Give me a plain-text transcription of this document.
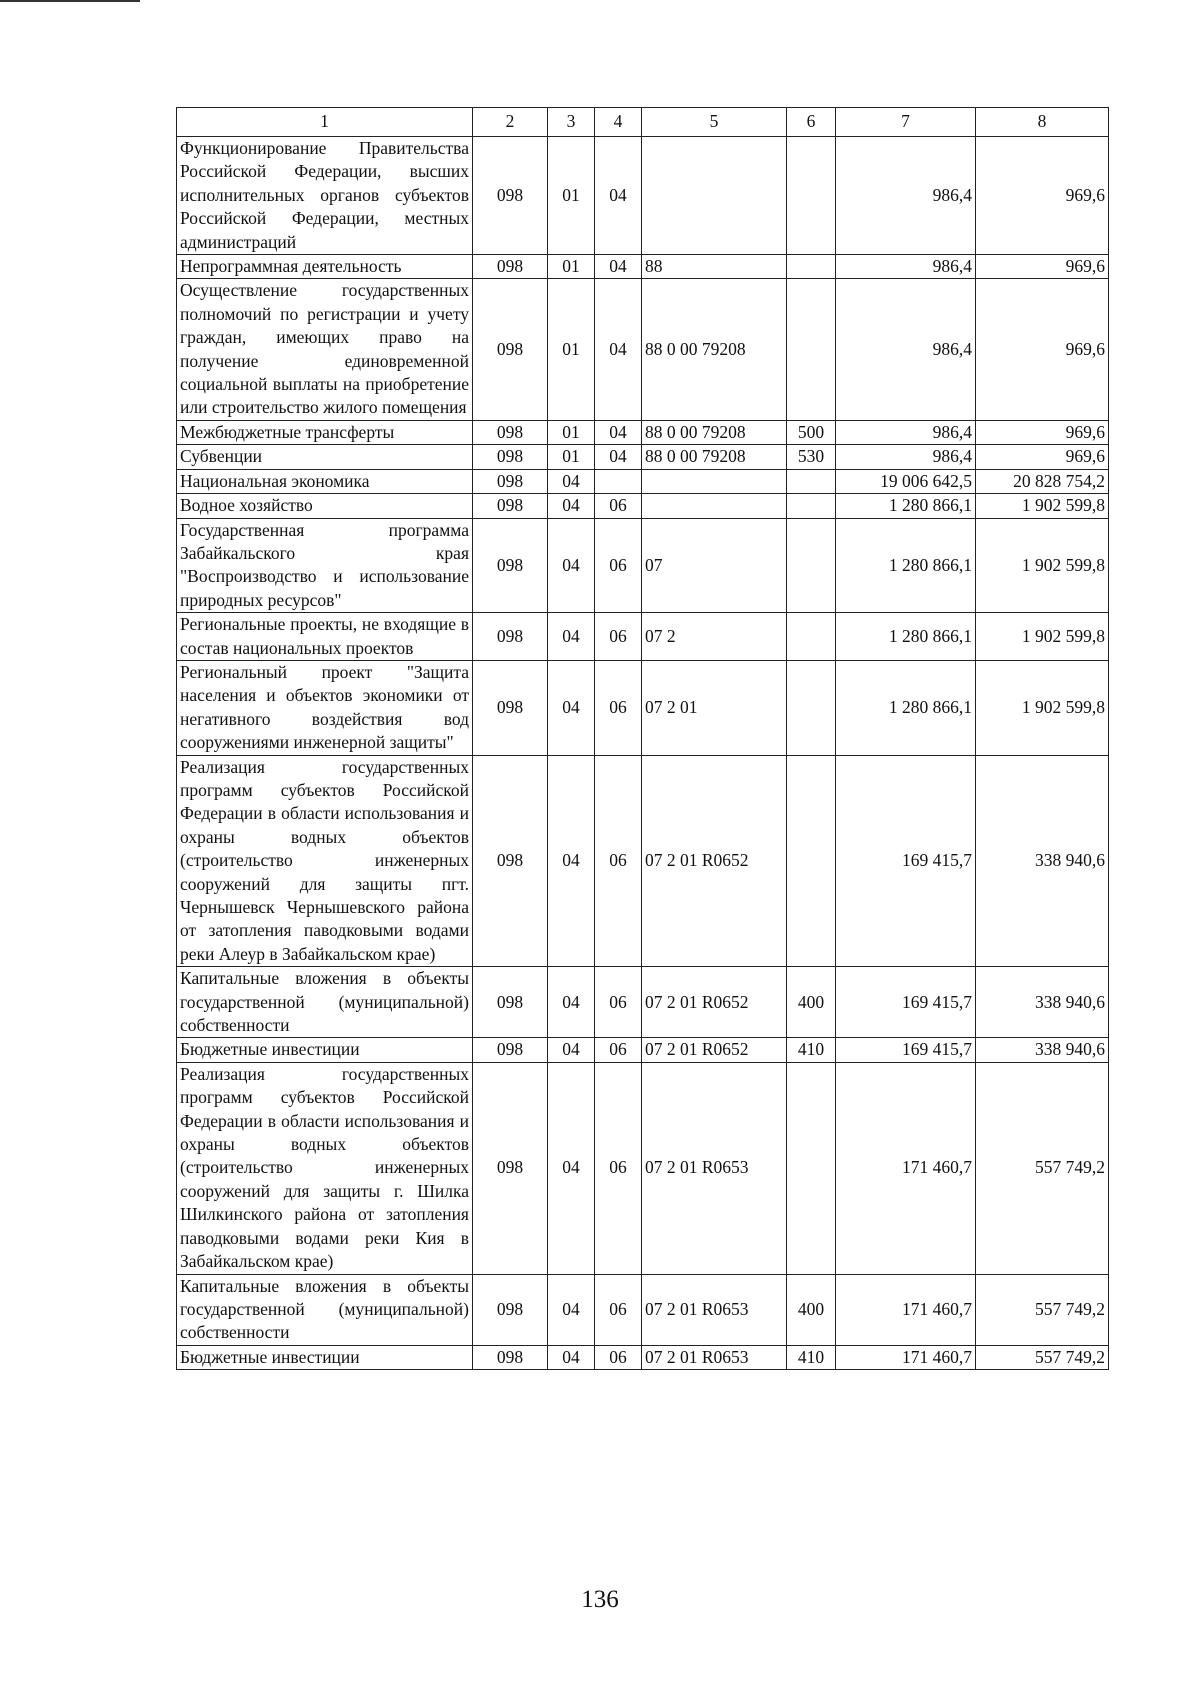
1	2	3	4	5	6	7	8
Функционирование Правительства Российской Федерации, высших исполнительных органов субъектов Российской Федерации, местных администраций	098	01	04			986,4	969,6
Непрограммная деятельность	098	01	04	88		986,4	969,6
Осуществление государственных полномочий по регистрации и учету граждан, имеющих право на получение единовременной социальной выплаты на приобретение или строительство жилого помещения	098	01	04	88 0 00 79208		986,4	969,6
Межбюджетные трансферты	098	01	04	88 0 00 79208	500	986,4	969,6
Субвенции	098	01	04	88 0 00 79208	530	986,4	969,6
Национальная экономика	098	04				19 006 642,5	20 828 754,2
Водное хозяйство	098	04	06			1 280 866,1	1 902 599,8
Государственная программа Забайкальского края "Воспроизводство и использование природных ресурсов"	098	04	06	07		1 280 866,1	1 902 599,8
Региональные проекты, не входящие в состав национальных проектов	098	04	06	07 2		1 280 866,1	1 902 599,8
Региональный проект "Защита населения и объектов экономики от негативного воздействия вод сооружениями инженерной защиты"	098	04	06	07 2 01		1 280 866,1	1 902 599,8
Реализация государственных программ субъектов Российской Федерации в области использования и охраны водных объектов (строительство инженерных сооружений для защиты пгт. Чернышевск Чернышевского района от затопления паводковыми водами реки Алеур в Забайкальском крае)	098	04	06	07 2 01 R0652		169 415,7	338 940,6
Капитальные вложения в объекты государственной (муниципальной) собственности	098	04	06	07 2 01 R0652	400	169 415,7	338 940,6
Бюджетные инвестиции	098	04	06	07 2 01 R0652	410	169 415,7	338 940,6
Реализация государственных программ субъектов Российской Федерации в области использования и охраны водных объектов (строительство инженерных сооружений для защиты г. Шилка Шилкинского района от затопления паводковыми водами реки Кия в Забайкальском крае)	098	04	06	07 2 01 R0653		171 460,7	557 749,2
Капитальные вложения в объекты государственной (муниципальной) собственности	098	04	06	07 2 01 R0653	400	171 460,7	557 749,2
Бюджетные инвестиции	098	04	06	07 2 01 R0653	410	171 460,7	557 749,2
136
